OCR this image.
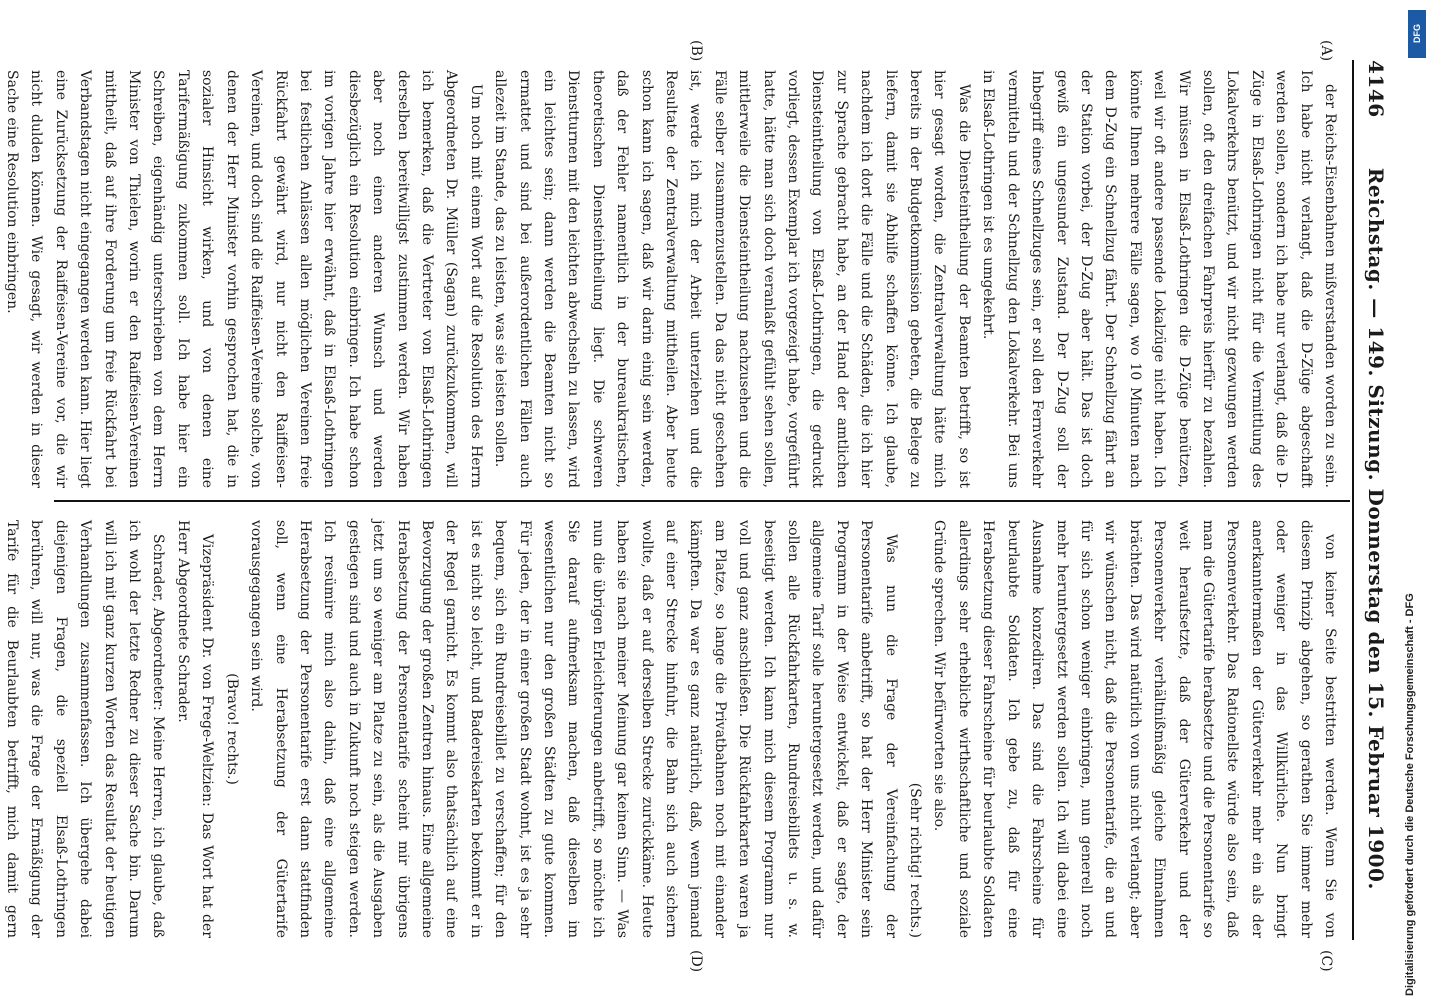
4146
Reichstag. — 149. Sitzung. Donnerstag den 15. Februar 1900.
(A)
(B)
(C)
(D)

der Reichs-Eisenbahnen mißverstanden worden zu sein. Ich habe nicht verlangt, daß die D-Züge abgeschafft werden sollen, sondern ich habe nur verlangt, daß die D-Züge in Elsaß-Lothringen nicht für die Vermittlung des Lokalverkehrs benützt, und wir nicht gezwungen werden sollen, oft den dreifachen Fahrpreis hierfür zu bezahlen. Wir müssen in Elsaß-Lothringen die D-Züge benützen, weil wir oft andere passende Lokalzüge nicht haben. Ich könnte Ihnen mehrere Fälle sagen, wo 10 Minuten nach dem D-Zug ein Schnellzug fährt. Der Schnellzug fährt an der Station vorbei, der D-Zug aber hält. Das ist doch gewiß ein ungesunder Zustand. Der D-Zug soll der Inbegriff eines Schnellzuges sein, er soll den Fernverkehr vermitteln und der Schnellzug den Lokalverkehr. Bei uns in Elsaß-Lothringen ist es umgekehrt.

Was die Diensteintheilung der Beamten betrifft, so ist hier gesagt worden, die Zentralverwaltung hätte mich bereits in der Budgetkommission gebeten, die Belege zu liefern, damit sie Abhilfe schaffen könne. Ich glaube, nachdem ich dort die Fälle und die Schäden, die ich hier zur Sprache gebracht habe, an der Hand der amtlichen Diensteintheilung von Elsaß-Lothringen, die gedruckt vorliegt, dessen Exemplar ich vorgezeigt habe, vorgeführt hatte, hätte man sich doch veranlaßt gefühlt sehen sollen, mittlerweile die Diensteintheilung nachzusehen und die Fälle selber zusammenzustellen. Da das nicht geschehen ist, werde ich mich der Arbeit unterziehen und die Resultate der Zentralverwaltung mittheilen. Aber heute schon kann ich sagen, daß wir darin einig sein werden, daß der Fehler namentlich in der bureaukratischen, theoretischen Diensteintheilung liegt. Die schweren Dienstturnen mit den leichten abwechseln zu lassen, wird ein leichtes sein; dann werden die Beamten nicht so ermattet und sind bei außerordentlichen Fällen auch allezeit im Stande, das zu leisten, was sie leisten sollen.

Um noch mit einem Wort auf die Resolution des Herrn Abgeordneten Dr. Müller (Sagan) zurückzukommen, will ich bemerken, daß die Vertreter von Elsaß-Lothringen derselben bereitwilligst zustimmen werden. Wir haben aber noch einen anderen Wunsch und werden diesbezüglich ein Resolution einbringen. Ich habe schon im vorigen Jahre hier erwähnt, daß in Elsaß-Lothringen bei festlichen Anlässen allen möglichen Vereinen freie Rückfahrt gewährt wird, nur nicht den Raiffeisen-Vereinen, und doch sind die Raiffeisen-Vereine solche, von denen der Herr Minister vorhin gesprochen hat, die in sozialer Hinsicht wirken, und von denen eine Tarifermäßigung zukommen soll. Ich habe hier ein Schreiben, eigenhändig unterschrieben von dem Herrn Minister von Thielen, worin er den Raiffeisen-Vereinen mittheilt, daß auf ihre Forderung um freie Rückfahrt bei Verbandstagen nicht eingegangen werden kann. Hier liegt eine Zurücksetzung der Raiffeisen-Vereine vor, die wir nicht dulden können. Wie gesagt, wir werden in dieser Sache eine Resolution einbringen.

von keiner Seite bestritten werden. Wenn Sie von diesem Prinzip abgehen, so gerathen Sie immer mehr oder weniger in das Willkürliche. Nun bringt anerkanntermaßen der Güterverkehr mehr ein als der Personenverkehr. Das Rationellste würde also sein, daß man die Gütertarife herabsetzte und die Personentarife so weit heraufsetzte, daß der Güterverkehr und der Personenverkehr verhältnißmäßig gleiche Einnahmen brächten. Das wird natürlich von uns nicht verlangt; aber wir wünschen nicht, daß die Personentarife, die an und für sich schon weniger einbringen, nun generell noch mehr heruntergesetzt werden sollen. Ich will dabei eine Ausnahme konzediren. Das sind die Fahrscheine für beurlaubte Soldaten. Ich gebe zu, daß für eine Herabsetzung dieser Fahrscheine für beurlaubte Soldaten allerdings sehr erhebliche wirthschaftliche und soziale Gründe sprechen. Wir befürworten sie also.

(Sehr richtig! rechts.)

Was nun die Frage der Vereinfachung der Personentarife anbetrifft, so hat der Herr Minister sein Programm in der Weise entwickelt, daß er sagte, der allgemeine Tarif solle heruntergesetzt werden, und dafür sollen alle Rückfahrkarten, Rundreisebillets u. s. w. beseitigt werden. Ich kann mich diesem Programm nur voll und ganz anschließen. Die Rückfahrkarten waren ja am Platze, so lange die Privatbahnen noch mit einander kämpften. Da war es ganz natürlich, daß, wenn jemand auf einer Strecke hinfuhr, die Bahn sich auch sichern wollte, daß er auf derselben Strecke zurückkäme. Heute haben sie nach meiner Meinung gar keinen Sinn. — Was nun die übrigen Erleichterungen anbetrifft, so möchte ich Sie darauf aufmerksam machen, daß dieselben im wesentlichen nur den großen Städten zu gute kommen. Für jeden, der in einer großen Stadt wohnt, ist es ja sehr bequem, sich ein Rundreisebillet zu verschaffen; für den ist es nicht so leicht, und Badereisekarten bekommt er in der Regel garnicht. Es kommt also thatsächlich auf eine Bevorzugung der großen Zentren hinaus. Eine allgemeine Herabsetzung der Personentarife scheint mir übrigens jetzt um so weniger am Platze zu sein, als die Ausgaben gestiegen sind und auch in Zukunft noch steigen werden. Ich resümire mich also dahin, daß eine allgemeine Herabsetzung der Personentarife erst dann stattfinden soll, wenn eine Herabsetzung der Gütertarife vorausgegangen sein wird.

(Bravo! rechts.)

Vizepräsident Dr. von Frege-Weltzien: Das Wort hat der Herr Abgeordnete Schrader.

Schrader, Abgeordneter: Meine Herren, ich glaube, daß ich wohl der letzte Redner zu dieser Sache bin. Darum will ich mit ganz kurzen Worten das Resultat der heutigen Verhandlungen zusammenfassen. Ich übergehe dabei diejenigen Fragen, die speziell Elsaß-Lothringen berühren, will nur, was die Frage der Ermäßigung der Tarife für die Beurlaubten betrifft, mich damit gern

DFG
Digitalisierung gefördert durch die Deutsche Forschungsgemeinschaft - DFG
